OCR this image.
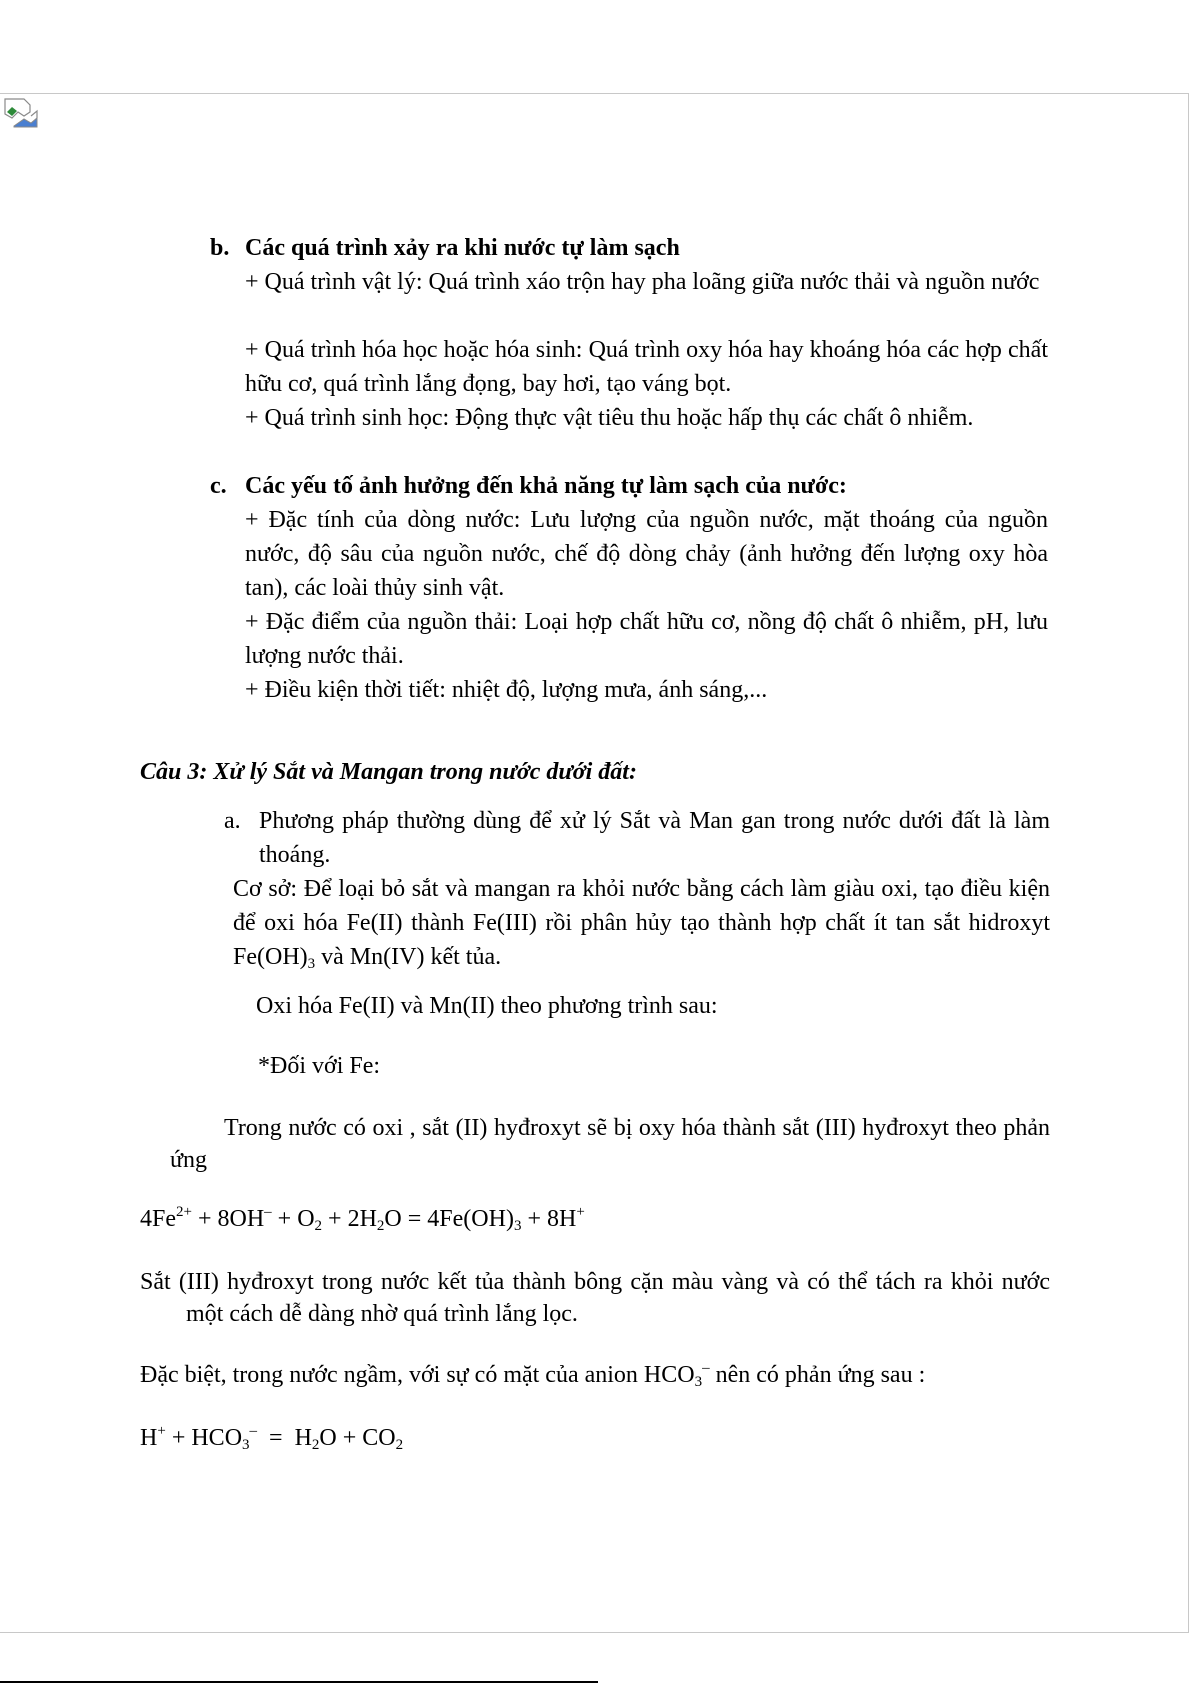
b. Các quá trình xảy ra khi nước tự làm sạch
+ Quá trình vật lý: Quá trình xáo trộn hay pha loãng giữa nước thải và nguồn nước
+ Quá trình hóa học hoặc hóa sinh: Quá trình oxy hóa hay khoáng hóa các hợp chất hữu cơ, quá trình lắng đọng, bay hơi, tạo váng bọt.
+ Quá trình sinh học: Động thực vật tiêu thu hoặc hấp thụ các chất ô nhiễm.
c. Các yếu tố ảnh hưởng đến khả năng tự làm sạch của nước:
+ Đặc tính của dòng nước: Lưu lượng của nguồn nước, mặt thoáng của nguồn nước, độ sâu của nguồn nước, chế độ dòng chảy (ảnh hưởng đến lượng oxy hòa tan), các loài thủy sinh vật.
+ Đặc điểm của nguồn thải: Loại hợp chất hữu cơ, nồng độ chất ô nhiễm, pH, lưu lượng nước thải.
+ Điều kiện thời tiết: nhiệt độ, lượng mưa, ánh sáng,...
Câu 3: Xử lý Sắt và Mangan trong nước dưới đất:
a. Phương pháp thường dùng để xử lý Sắt và Man gan trong nước dưới đất là làm thoáng.
Cơ sở: Để loại bỏ sắt và mangan ra khỏi nước bằng cách làm giàu oxi, tạo điều kiện để oxi hóa Fe(II) thành Fe(III) rồi phân hủy tạo thành hợp chất ít tan sắt hidroxyt $Fe(OH)_3$ và Mn(IV) kết tủa.
Oxi hóa Fe(II) và Mn(II) theo phương trình sau:
*Đối với Fe:
Trong nước có oxi , sắt (II) hyđroxyt sẽ bị oxy hóa thành sắt (III) hyđroxyt theo phảnứng
$4Fe^{2+} + 8OH^- + O_2 + 2H_2O = 4Fe(OH)_3 + 8H^+$
Sắt (III) hyđroxyt trong nước kết tủa thành bông cặn màu vàng và có thể tách ra khỏi nướcmột cách dễ dàng nhờ quá trình lắng lọc.
Đặc biệt, trong nước ngầm, với sự có mặt của anion $HCO_3^-$ nên có phản ứng sau :
$H^+ + HCO_3^- = H_2O + CO_2$
